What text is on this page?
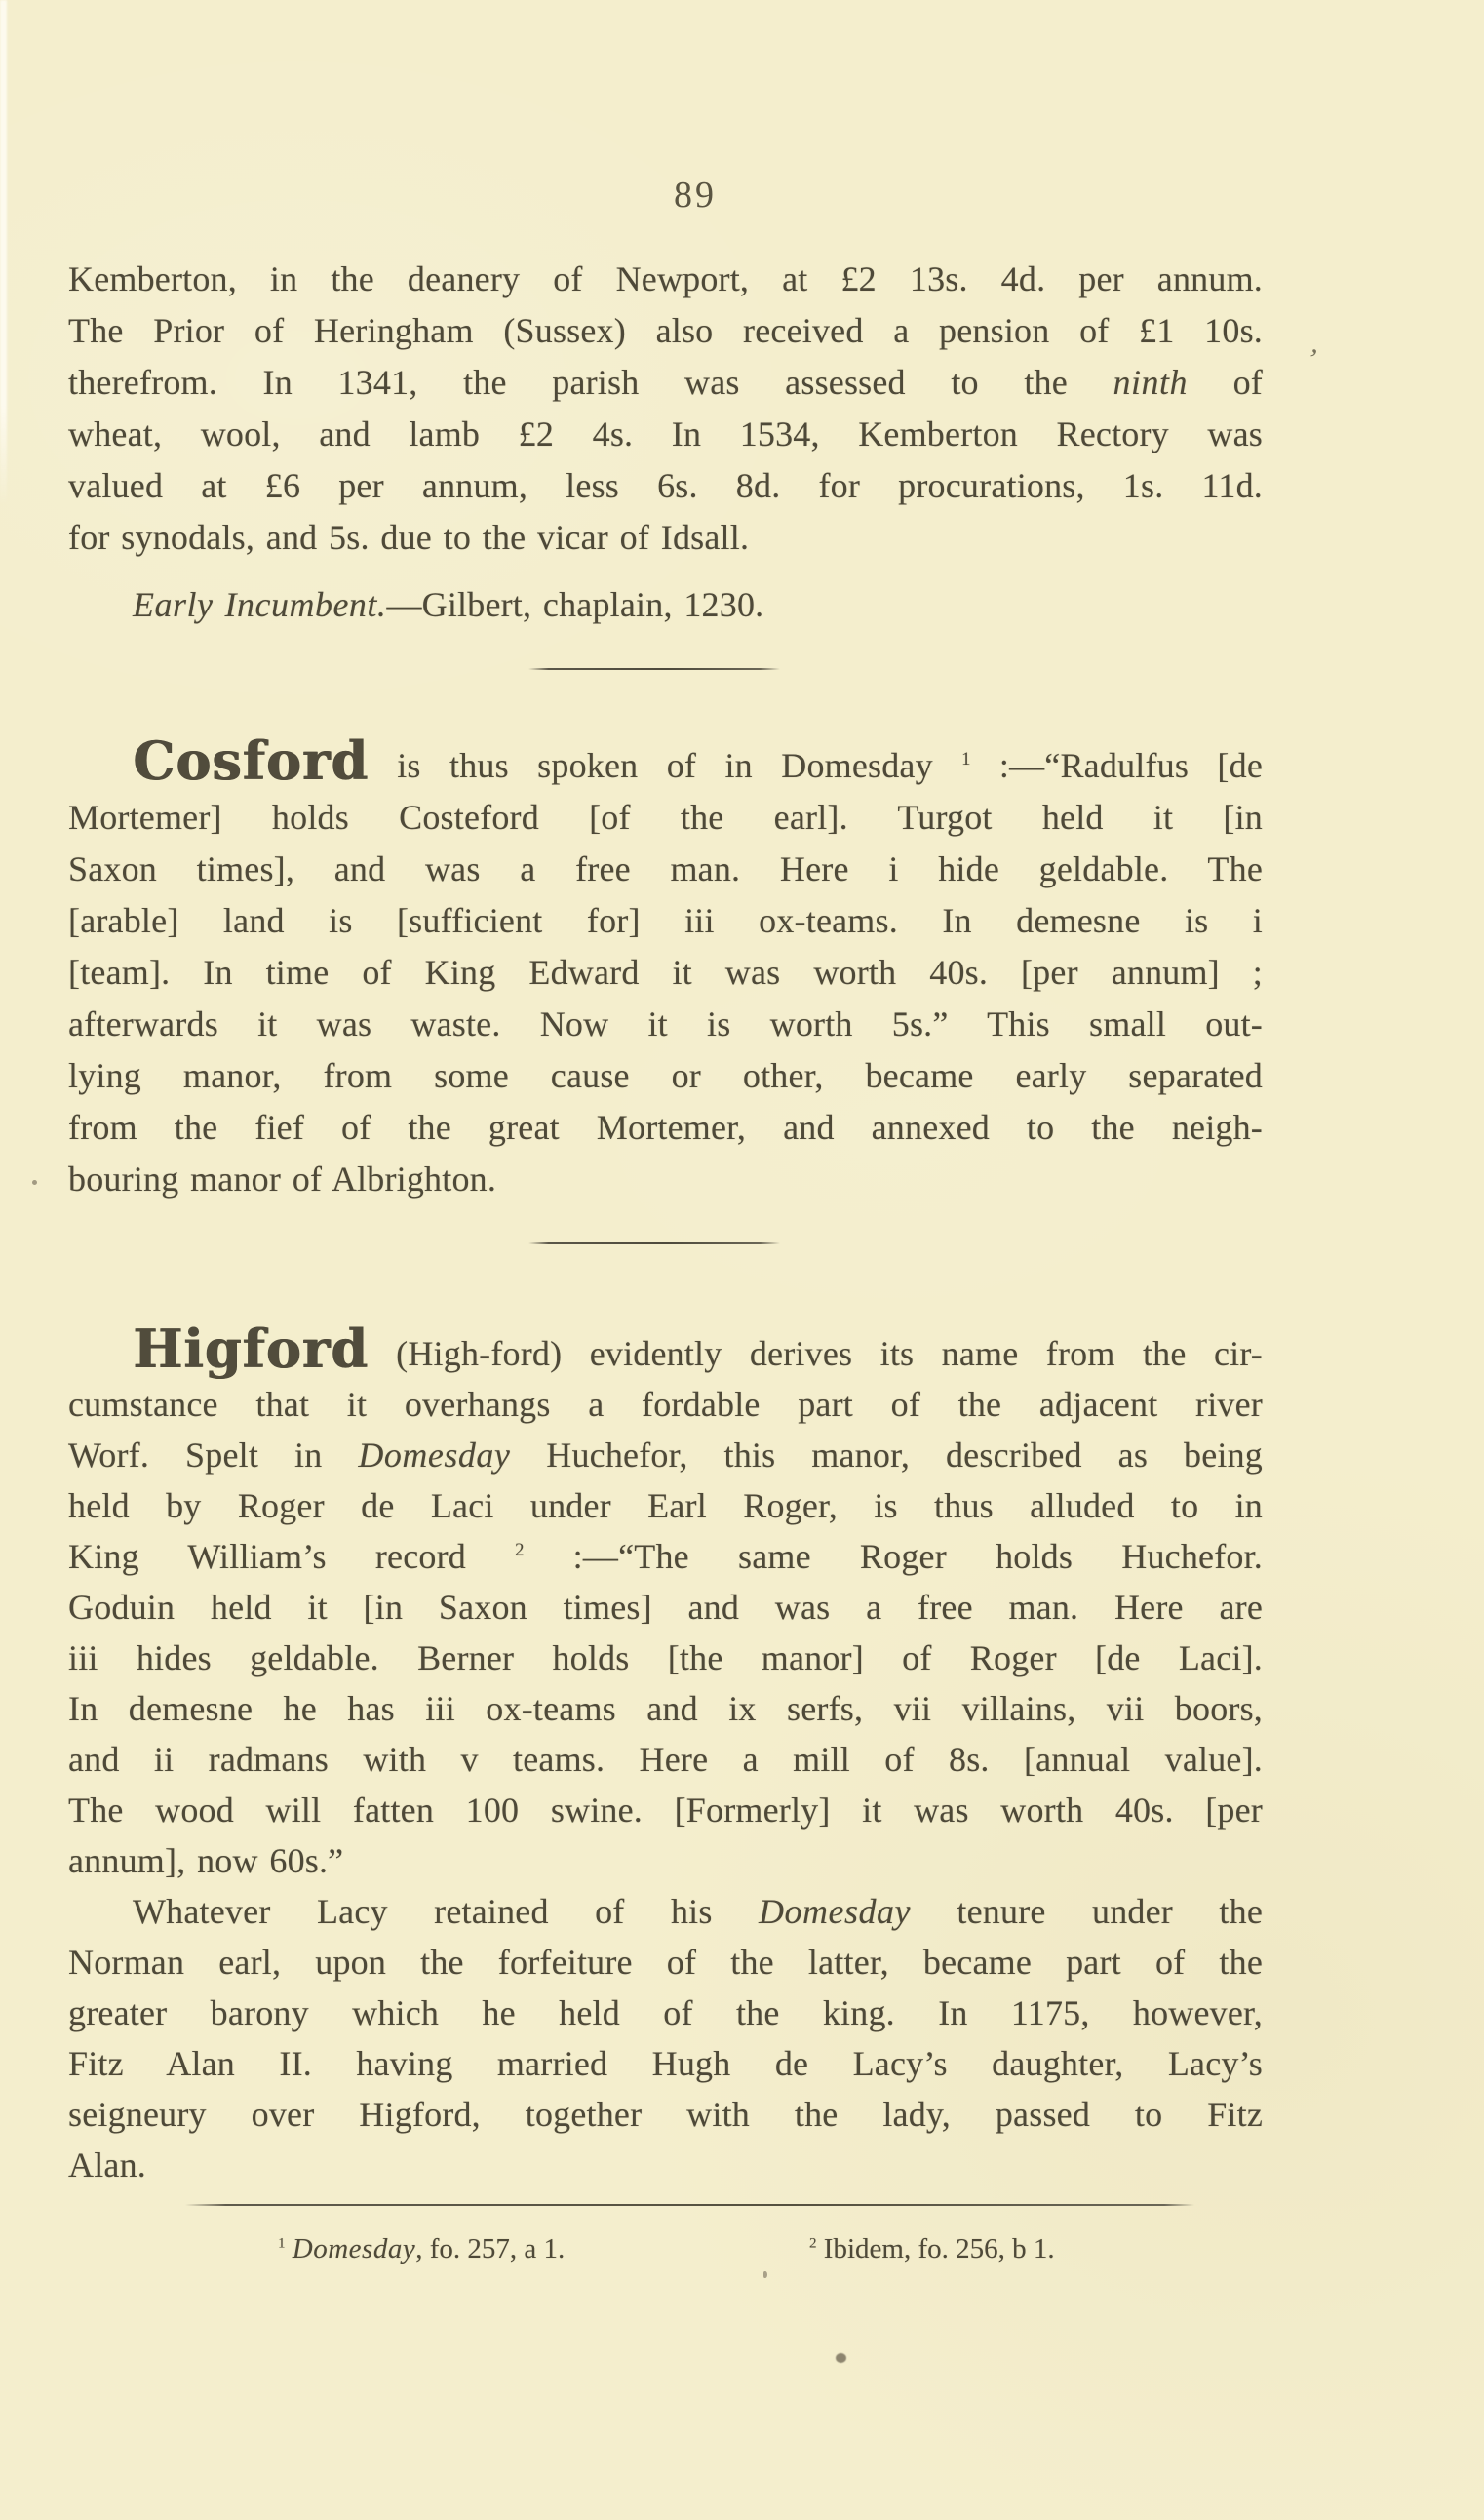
89
Kemberton, in the deanery of Newport, at £2 13s. 4d. per annum.
The Prior of Heringham (Sussex) also received a pension of £1 10s.
therefrom. In 1341, the parish was assessed to the ninth of
wheat, wool, and lamb £2 4s. In 1534, Kemberton Rectory was
valued at £6 per annum, less 6s. 8d. for procurations, 1s. 11d.
for synodals, and 5s. due to the vicar of Idsall.
Early Incumbent.—Gilbert, chaplain, 1230.
Cosford is thus spoken of in Domesday $^1$ :—“Radulfus [de
Mortemer] holds Costeford [of the earl]. Turgot held it [in
Saxon times], and was a free man. Here i hide geldable. The
[arable] land is [sufficient for] iii ox-teams. In demesne is i
[team]. In time of King Edward it was worth 40s. [per annum] ;
afterwards it was waste. Now it is worth 5s.” This small out-
lying manor, from some cause or other, became early separated
from the fief of the great Mortemer, and annexed to the neigh-
bouring manor of Albrighton.
Higford (High-ford) evidently derives its name from the cir-
cumstance that it overhangs a fordable part of the adjacent river
Worf. Spelt in Domesday Huchefor, this manor, described as being
held by Roger de Laci under Earl Roger, is thus alluded to in
King William’s record $^2$ :—“The same Roger holds Huchefor.
Goduin held it [in Saxon times] and was a free man. Here are
iii hides geldable. Berner holds [the manor] of Roger [de Laci].
In demesne he has iii ox-teams and ix serfs, vii villains, vii boors,
and ii radmans with v teams. Here a mill of 8s. [annual value].
The wood will fatten 100 swine. [Formerly] it was worth 40s. [per
annum], now 60s.”
Whatever Lacy retained of his Domesday tenure under the
Norman earl, upon the forfeiture of the latter, became part of the
greater barony which he held of the king. In 1175, however,
Fitz Alan II. having married Hugh de Lacy’s daughter, Lacy’s
seigneury over Higford, together with the lady, passed to Fitz
Alan.
$^1$ Domesday, fo. 257, a 1.	$^2$ Ibidem, fo. 256, b 1.
’
